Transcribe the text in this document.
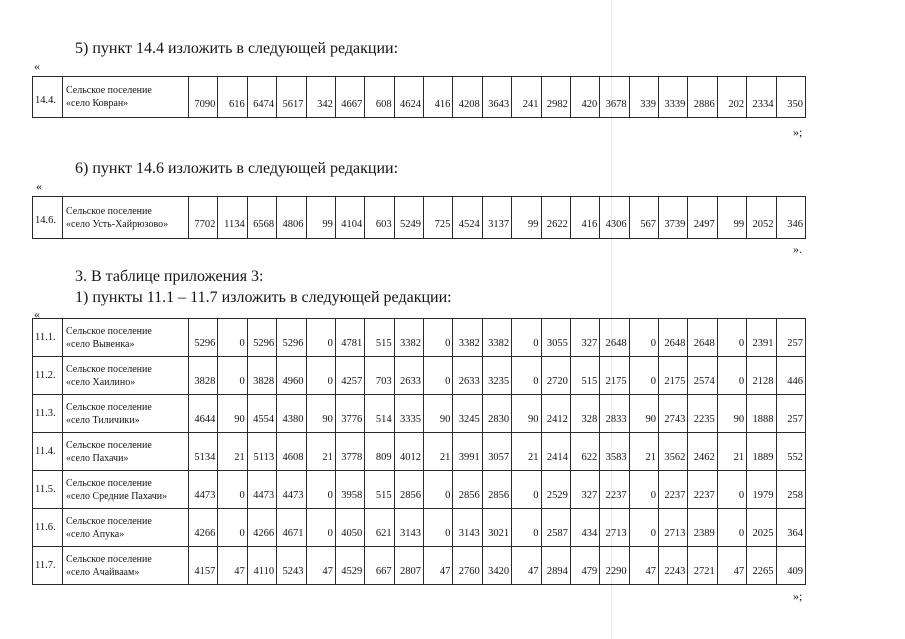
5) пункт 14.4 изложить в следующей редакции:
«
14.4.	Сельское поселение
«село Ковран»	7090	616	6474	5617	342	4667	608	4624	416	4208	3643	241	2982	420	3678	339	3339	2886	202	2334	350
»;
6) пункт 14.6 изложить в следующей редакции:
«
14.6.	Сельское поселение
«село Усть-Хайрюзово»	7702	1134	6568	4806	99	4104	603	5249	725	4524	3137	99	2622	416	4306	567	3739	2497	99	2052	346
».
3. В таблице приложения 3:
1) пункты 11.1 – 11.7 изложить в следующей редакции:
«
11.1.	Сельское поселение
«село Вывенка»	5296	0	5296	5296	0	4781	515	3382	0	3382	3382	0	3055	327	2648	0	2648	2648	0	2391	257
11.2.	Сельское поселение
«село Хаилино»	3828	0	3828	4960	0	4257	703	2633	0	2633	3235	0	2720	515	2175	0	2175	2574	0	2128	446
11.3.	Сельское поселение
«село Тиличики»	4644	90	4554	4380	90	3776	514	3335	90	3245	2830	90	2412	328	2833	90	2743	2235	90	1888	257
11.4.	Сельское поселение
«село Пахачи»	5134	21	5113	4608	21	3778	809	4012	21	3991	3057	21	2414	622	3583	21	3562	2462	21	1889	552
11.5.	Сельское поселение
«село Средние Пахачи»	4473	0	4473	4473	0	3958	515	2856	0	2856	2856	0	2529	327	2237	0	2237	2237	0	1979	258
11.6.	Сельское поселение
«село Апука»	4266	0	4266	4671	0	4050	621	3143	0	3143	3021	0	2587	434	2713	0	2713	2389	0	2025	364
11.7.	Сельское поселение
«село Ачайваам»	4157	47	4110	5243	47	4529	667	2807	47	2760	3420	47	2894	479	2290	47	2243	2721	47	2265	409
»;
